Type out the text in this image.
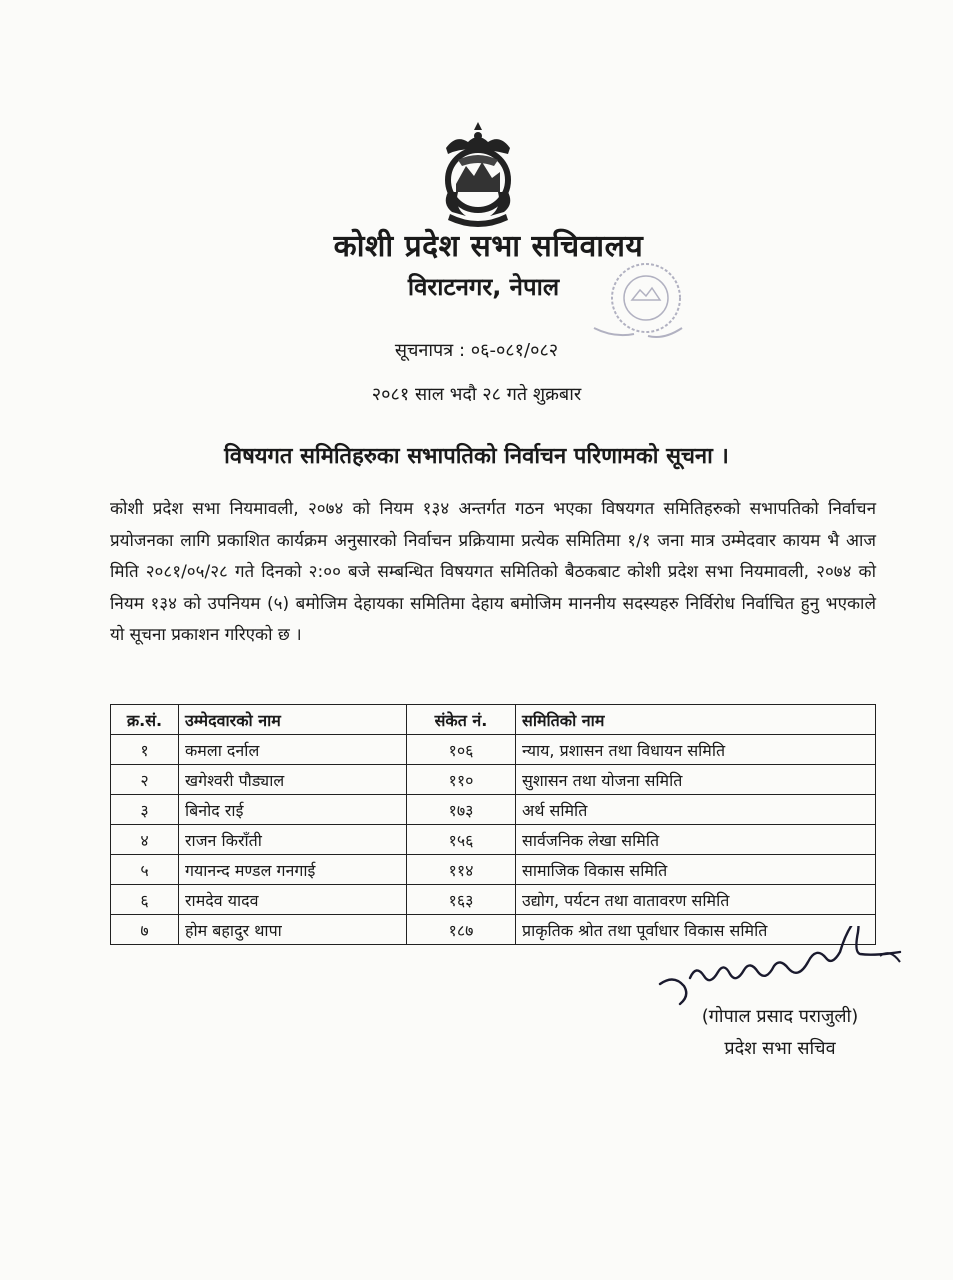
कोशी प्रदेश सभा सचिवालय
विराटनगर, नेपाल
सूचनापत्र : ०६-०८१/०८२
२०८१ साल भदौ २८ गते शुक्रबार
विषयगत समितिहरुका सभापतिको निर्वाचन परिणामको सूचना ।
कोशी प्रदेश सभा नियमावली, २०७४ को नियम १३४ अन्तर्गत गठन भएका विषयगत समितिहरुको सभापतिको निर्वाचन प्रयोजनका लागि प्रकाशित कार्यक्रम अनुसारको निर्वाचन प्रक्रियामा प्रत्येक समितिमा १/१ जना मात्र उम्मेदवार कायम भै आज मिति २०८१/०५/२८ गते दिनको २:०० बजे सम्बन्धित विषयगत समितिको बैठकबाट कोशी प्रदेश सभा नियमावली, २०७४ को नियम १३४ को उपनियम (५) बमोजिम देहायका समितिमा देहाय बमोजिम माननीय सदस्यहरु निर्विरोध निर्वाचित हुनु भएकाले यो सूचना प्रकाशन गरिएको छ ।
क्र.सं.	उम्मेदवारको नाम	संकेत नं.	समितिको नाम
१	कमला दर्नाल	१०६	न्याय, प्रशासन तथा विधायन समिति
२	खगेश्वरी पौड्याल	११०	सुशासन तथा योजना समिति
३	बिनोद राई	१७३	अर्थ समिति
४	राजन किराँती	१५६	सार्वजनिक लेखा समिति
५	गयानन्द मण्डल गनगाई	११४	सामाजिक विकास समिति
६	रामदेव यादव	१६३	उद्योग, पर्यटन तथा वातावरण समिति
७	होम बहादुर थापा	१८७	प्राकृतिक श्रोत तथा पूर्वाधार विकास समिति
(गोपाल प्रसाद पराजुली)
प्रदेश सभा सचिव
